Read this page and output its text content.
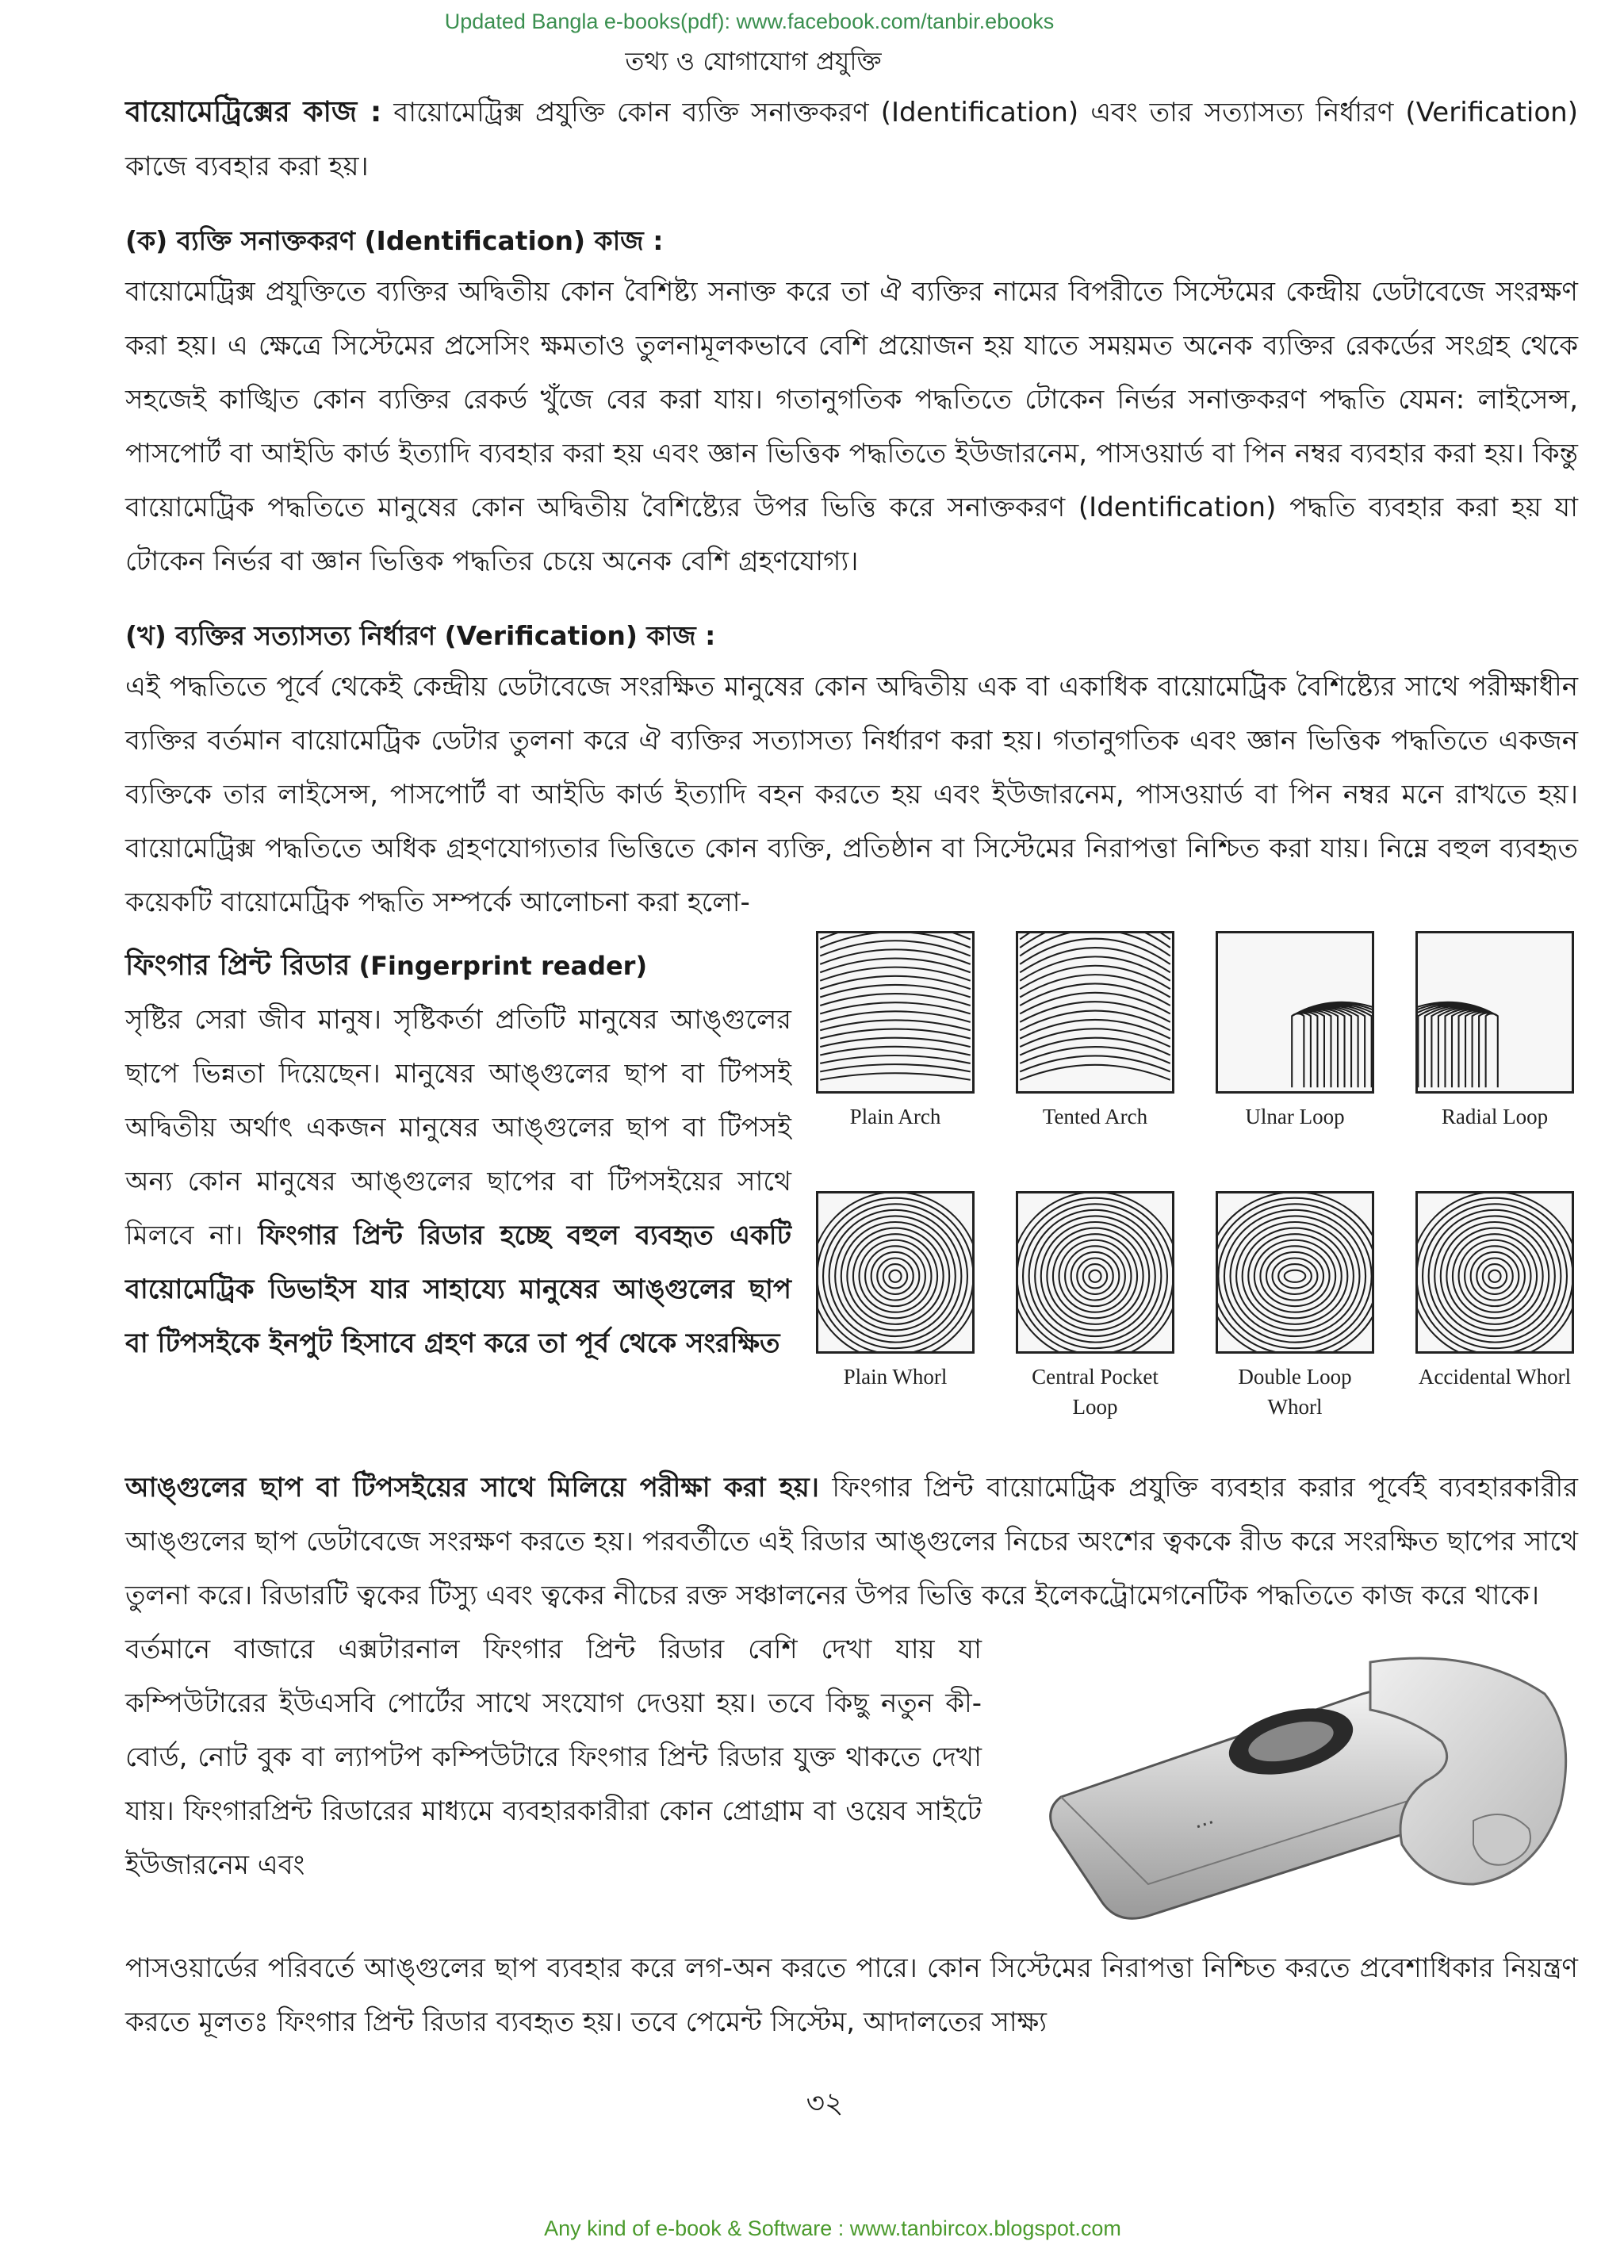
Updated Bangla e-books(pdf): www.facebook.com/tanbir.ebooks
তথ্য ও যোগাযোগ প্রযুক্তি

বায়োমেট্রিক্সের কাজ : বায়োমেট্রিক্স প্রযুক্তি কোন ব্যক্তি সনাক্তকরণ (Identification) এবং তার সত্যাসত্য নির্ধারণ (Verification) কাজে ব্যবহার করা হয়।

(ক) ব্যক্তি সনাক্তকরণ (Identification) কাজ :

বায়োমেট্রিক্স প্রযুক্তিতে ব্যক্তির অদ্বিতীয় কোন বৈশিষ্ট্য সনাক্ত করে তা ঐ ব্যক্তির নামের বিপরীতে সিস্টেমের কেন্দ্রীয় ডেটাবেজে সংরক্ষণ করা হয়। এ ক্ষেত্রে সিস্টেমের প্রসেসিং ক্ষমতাও তুলনামূলকভাবে বেশি প্রয়োজন হয় যাতে সময়মত অনেক ব্যক্তির রেকর্ডের সংগ্রহ থেকে সহজেই কাঙ্খিত কোন ব্যক্তির রেকর্ড খুঁজে বের করা যায়। গতানুগতিক পদ্ধতিতে টোকেন নির্ভর সনাক্তকরণ পদ্ধতি যেমন: লাইসেন্স, পাসপোর্ট বা আইডি কার্ড ইত্যাদি ব্যবহার করা হয় এবং জ্ঞান ভিত্তিক পদ্ধতিতে ইউজারনেম, পাসওয়ার্ড বা পিন নম্বর ব্যবহার করা হয়। কিন্তু বায়োমেট্রিক পদ্ধতিতে মানুষের কোন অদ্বিতীয় বৈশিষ্ট্যের উপর ভিত্তি করে সনাক্তকরণ (Identification) পদ্ধতি ব্যবহার করা হয় যা টোকেন নির্ভর বা জ্ঞান ভিত্তিক পদ্ধতির চেয়ে অনেক বেশি গ্রহণযোগ্য।

(খ) ব্যক্তির সত্যাসত্য নির্ধারণ (Verification) কাজ :

এই পদ্ধতিতে পূর্বে থেকেই কেন্দ্রীয় ডেটাবেজে সংরক্ষিত মানুষের কোন অদ্বিতীয় এক বা একাধিক বায়োমেট্রিক বৈশিষ্ট্যের সাথে পরীক্ষাধীন ব্যক্তির বর্তমান বায়োমেট্রিক ডেটার তুলনা করে ঐ ব্যক্তির সত্যাসত্য নির্ধারণ করা হয়। গতানুগতিক এবং জ্ঞান ভিত্তিক পদ্ধতিতে একজন ব্যক্তিকে তার লাইসেন্স, পাসপোর্ট বা আইডি কার্ড ইত্যাদি বহন করতে হয় এবং ইউজারনেম, পাসওয়ার্ড বা পিন নম্বর মনে রাখতে হয়। বায়োমেট্রিক্স পদ্ধতিতে অধিক গ্রহণযোগ্যতার ভিত্তিতে কোন ব্যক্তি, প্রতিষ্ঠান বা সিস্টেমের নিরাপত্তা নিশ্চিত করা যায়। নিম্নে বহুল ব্যবহৃত কয়েকটি বায়োমেট্রিক পদ্ধতি সম্পর্কে আলোচনা করা হলো-

ফিংগার প্রিন্ট রিডার (Fingerprint reader)

সৃষ্টির সেরা জীব মানুষ। সৃষ্টিকর্তা প্রতিটি মানুষের আঙ্গুলের ছাপে ভিন্নতা দিয়েছেন। মানুষের আঙ্গুলের ছাপ বা টিপসই অদ্বিতীয় অর্থাৎ একজন মানুষের আঙ্গুলের ছাপ বা টিপসই অন্য কোন মানুষের আঙ্গুলের ছাপের বা টিপসইয়ের সাথে মিলবে না। ফিংগার প্রিন্ট রিডার হচ্ছে বহুল ব্যবহৃত একটি বায়োমেট্রিক ডিভাইস যার সাহায্যে মানুষের আঙ্গুলের ছাপ বা টিপসইকে ইনপুট হিসাবে গ্রহণ করে তা পূর্ব থেকে সংরক্ষিত

Plain Arch	Tented Arch	Ulnar Loop	Radial Loop
Plain Whorl	Central Pocket Loop
Double Loop Whorl
Accidental Whorl

আঙ্গুলের ছাপ বা টিপসইয়ের সাথে মিলিয়ে পরীক্ষা করা হয়। ফিংগার প্রিন্ট বায়োমেট্রিক প্রযুক্তি ব্যবহার করার পূর্বেই ব্যবহারকারীর আঙ্গুলের ছাপ ডেটাবেজে সংরক্ষণ করতে হয়। পরবর্তীতে এই রিডার আঙ্গুলের নিচের অংশের ত্বককে রীড করে সংরক্ষিত ছাপের সাথে তুলনা করে। রিডারটি ত্বকের টিস্যু এবং ত্বকের নীচের রক্ত সঞ্চালনের উপর ভিত্তি করে ইলেকট্রোমেগনেটিক পদ্ধতিতে কাজ করে থাকে।

বর্তমানে বাজারে এক্সটারনাল ফিংগার প্রিন্ট রিডার বেশি দেখা যায় যা কম্পিউটারের ইউএসবি পোর্টের সাথে সংযোগ দেওয়া হয়। তবে কিছু নতুন কী-বোর্ড, নোট বুক বা ল্যাপটপ কম্পিউটারে ফিংগার প্রিন্ট রিডার যুক্ত থাকতে দেখা যায়। ফিংগারপ্রিন্ট রিডারের মাধ্যমে ব্যবহারকারীরা কোন প্রোগ্রাম বা ওয়েব সাইটে ইউজারনেম এবং

...

পাসওয়ার্ডের পরিবর্তে আঙ্গুলের ছাপ ব্যবহার করে লগ-অন করতে পারে। কোন সিস্টেমের নিরাপত্তা নিশ্চিত করতে প্রবেশাধিকার নিয়ন্ত্রণ করতে মূলতঃ ফিংগার প্রিন্ট রিডার ব্যবহৃত হয়। তবে পেমেন্ট সিস্টেম, আদালতের সাক্ষ্য

৩২
Any kind of e-book & Software : www.tanbircox.blogspot.com
